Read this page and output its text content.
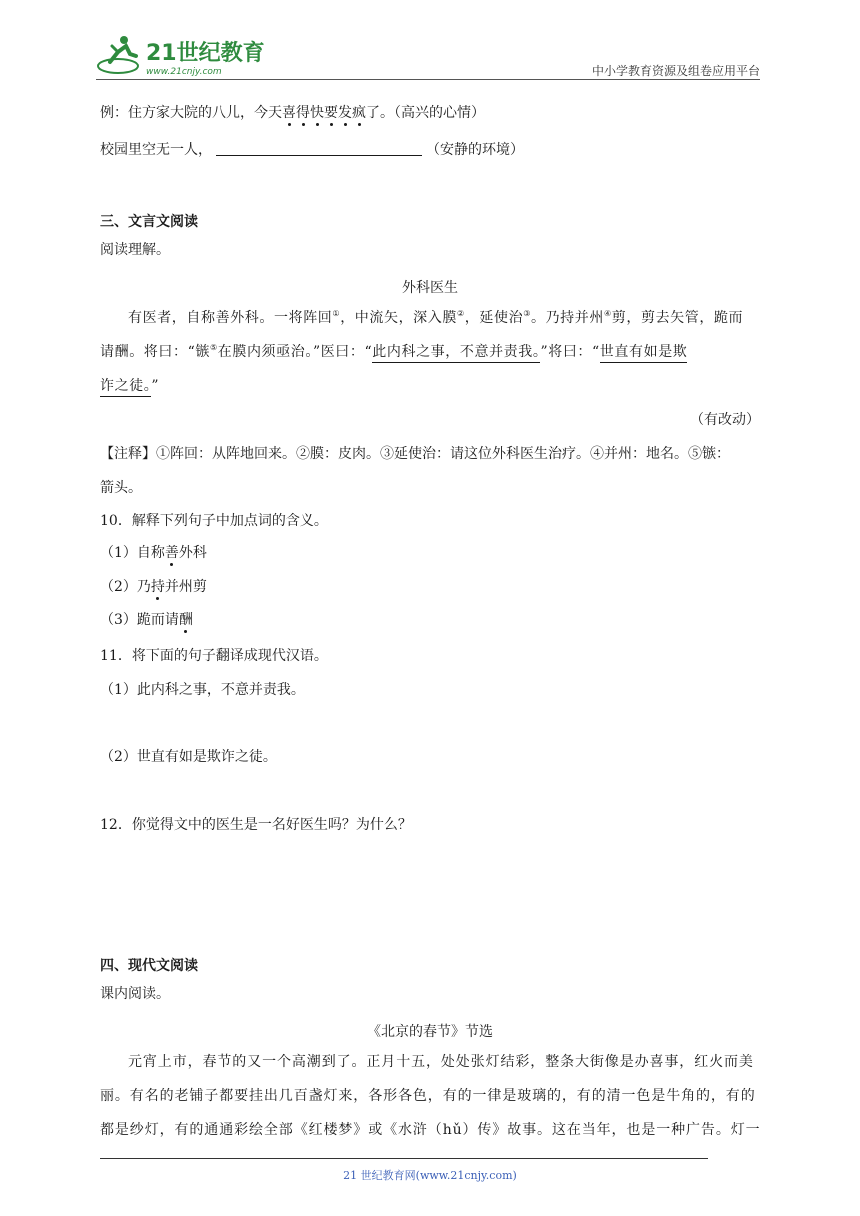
21世纪教育
www.21cnjy.com	中小学教育资源及组卷应用平台
例：住方家大院的八儿，今天喜得快要发疯了。（高兴的心情）
校园里空无一人，	（安静的环境）
三、文言文阅读
阅读理解。
外科医生
有医者，自称善外科。一将阵回①，中流矢，深入膜②，延使治③。乃持并州④剪，剪去矢管，跪而
请酬。将曰：“镞⑤在膜内须亟治。”医曰：“此内科之事，不意并责我。”将曰：“世直有如是欺
诈之徒。”
（有改动）
【注释】①阵回：从阵地回来。②膜：皮肉。③延使治：请这位外科医生治疗。④并州：地名。⑤镞：
箭头。
10．解释下列句子中加点词的含义。
（1）自称善外科
（2）乃持并州剪
（3）跪而请酬
11．将下面的句子翻译成现代汉语。
（1）此内科之事，不意并责我。
（2）世直有如是欺诈之徒。
12．你觉得文中的医生是一名好医生吗？为什么？
四、现代文阅读
课内阅读。
《北京的春节》节选
元宵上市，春节的又一个高潮到了。正月十五，处处张灯结彩，整条大街像是办喜事，红火而美
丽。有名的老铺子都要挂出几百盏灯来，各形各色，有的一律是玻璃的，有的清一色是牛角的，有的
都是纱灯，有的通通彩绘全部《红楼梦》或《水浒（hǔ）传》故事。这在当年，也是一种广告。灯一
21 世纪教育网(www.21cnjy.com)
